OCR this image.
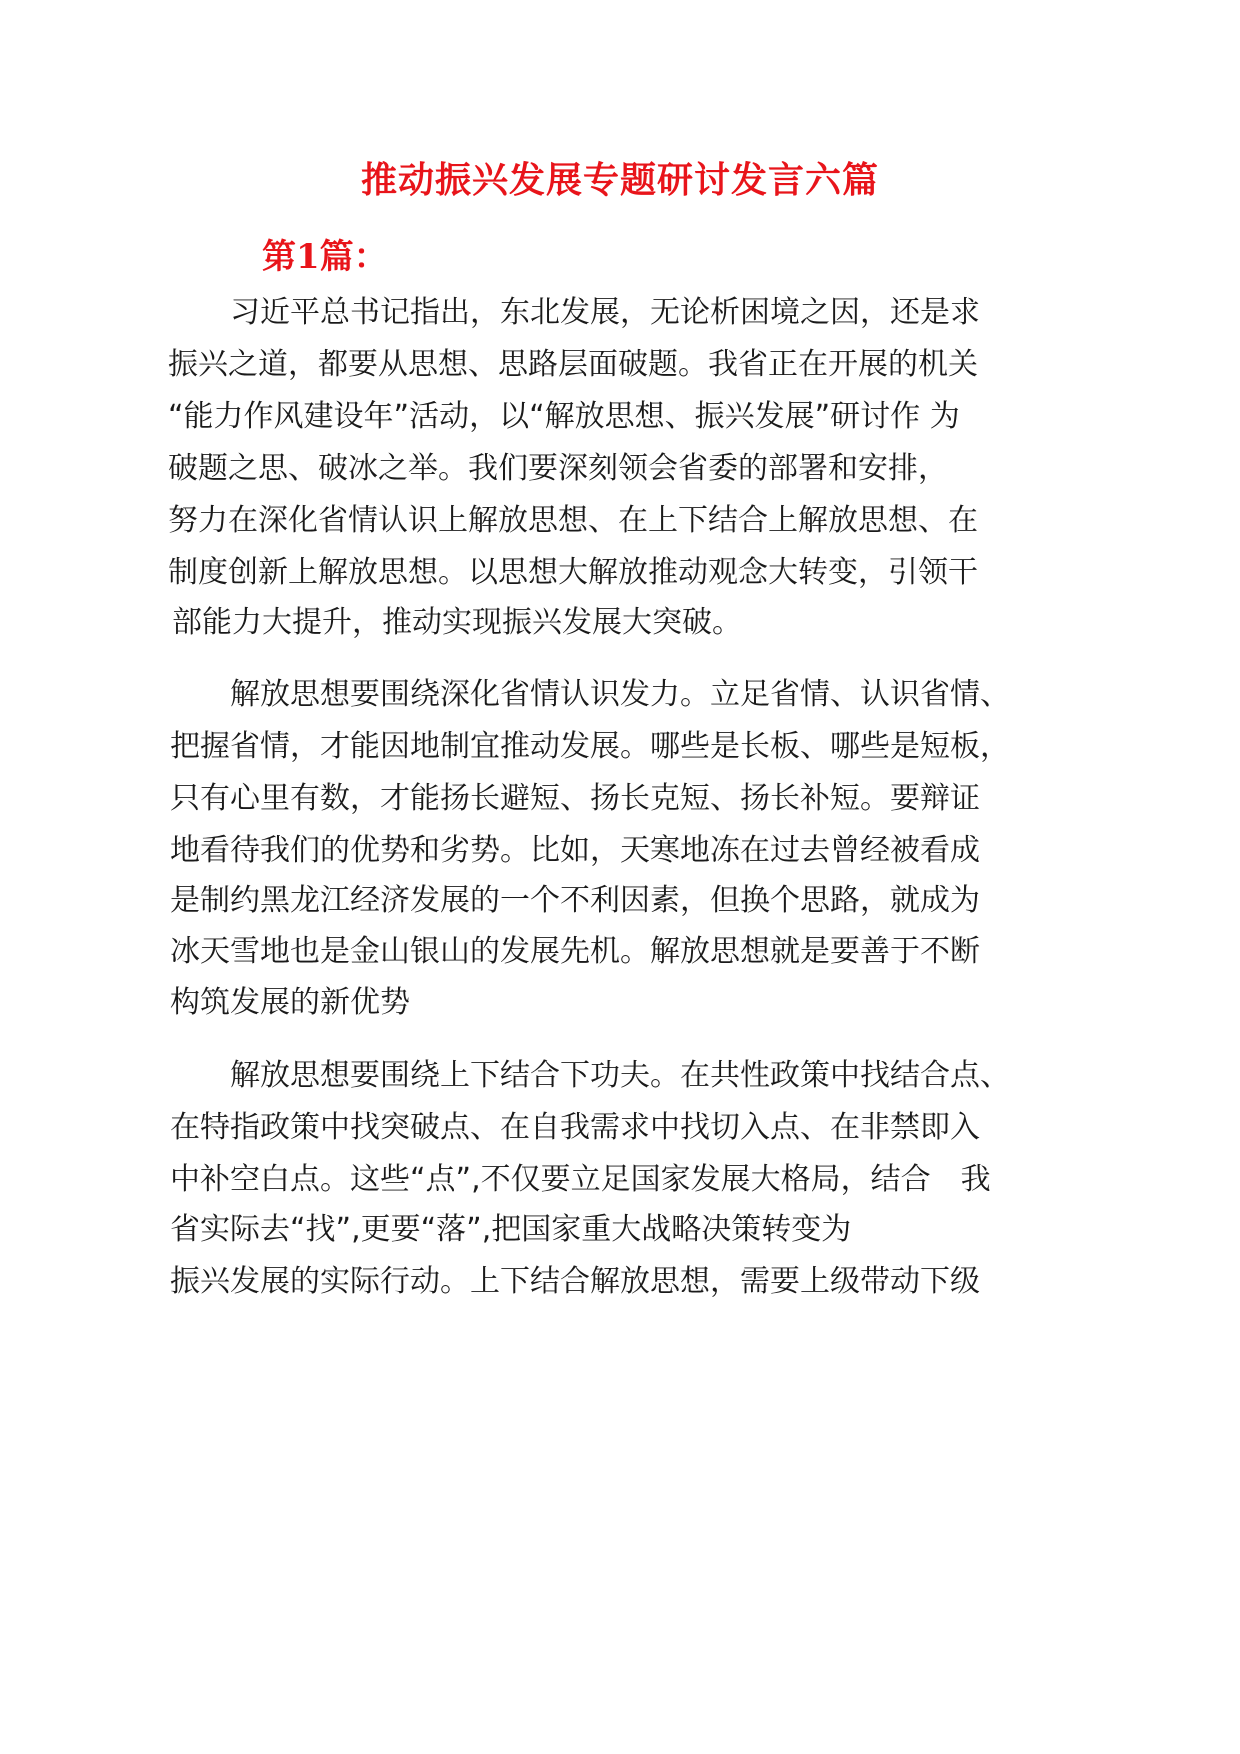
推动振兴发展专题研讨发言六篇
第1篇：
习近平总书记指出，东北发展，无论析困境之因，还是求
振兴之道，都要从思想、思路层面破题。我省正在开展的机关
“能力作风建设年”活动，以“解放思想、振兴发展”研讨作 为
破题之思、破冰之举。我们要深刻领会省委的部署和安排，
努力在深化省情认识上解放思想、在上下结合上解放思想、在
制度创新上解放思想。以思想大解放推动观念大转变，引领干
部能力大提升，推动实现振兴发展大突破。
解放思想要围绕深化省情认识发力。立足省情、认识省情、
把握省情，才能因地制宜推动发展。哪些是长板、哪些是短板，
只有心里有数，才能扬长避短、扬长克短、扬长补短。要辩证
地看待我们的优势和劣势。比如，天寒地冻在过去曾经被看成
是制约黑龙江经济发展的一个不利因素，但换个思路，就成为
冰天雪地也是金山银山的发展先机。解放思想就是要善于不断
构筑发展的新优势
解放思想要围绕上下结合下功夫。在共性政策中找结合点、
在特指政策中找突破点、在自我需求中找切入点、在非禁即入
中补空白点。这些“点”,不仅要立足国家发展大格局，结合　我
省实际去“找”,更要“落”,把国家重大战略决策转变为
振兴发展的实际行动。上下结合解放思想，需要上级带动下级
